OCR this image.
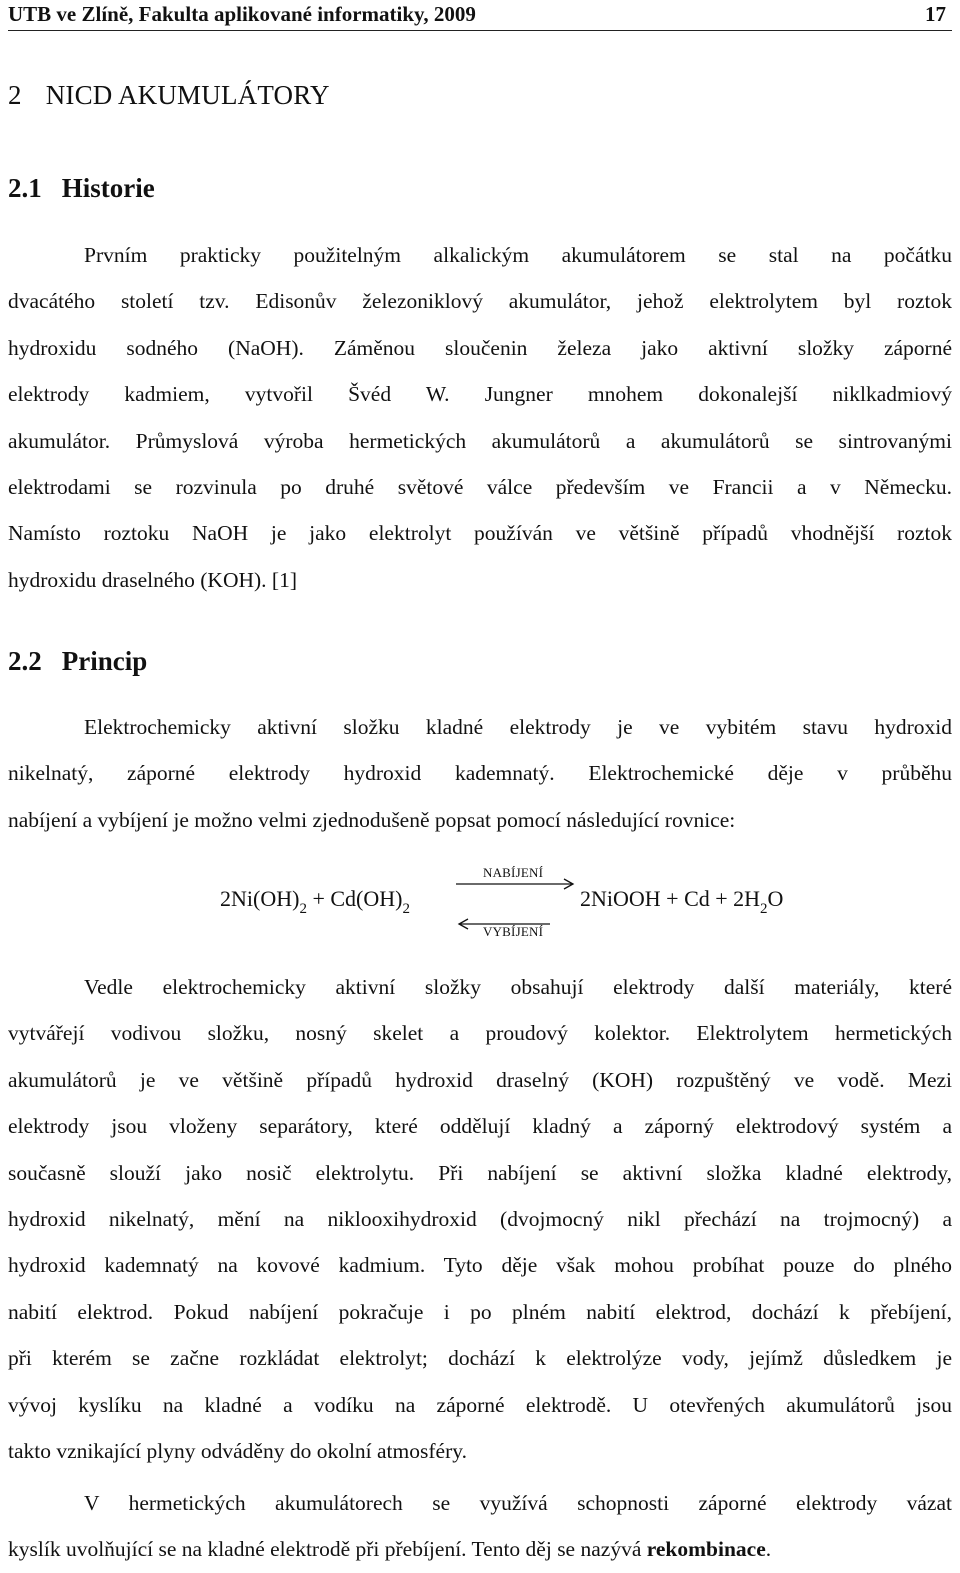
UTB ve Zlíně, Fakulta aplikované informatiky, 2009	17
2 NICD AKUMULÁTORY
2.1 Historie
Prvním prakticky použitelným alkalickým akumulátorem se stal na počátku
dvacátého století tzv. Edisonův železoniklový akumulátor, jehož elektrolytem byl roztok
hydroxidu sodného (NaOH). Záměnou sloučenin železa jako aktivní složky záporné
elektrody kadmiem, vytvořil Švéd W. Jungner mnohem dokonalejší niklkadmiový
akumulátor. Průmyslová výroba hermetických akumulátorů a akumulátorů se sintrovanými
elektrodami se rozvinula po druhé světové válce především ve Francii a v Německu.
Namísto roztoku NaOH je jako elektrolyt používán ve většině případů vhodnější roztok
hydroxidu draselného (KOH). [1]
2.2 Princip
Elektrochemicky aktivní složku kladné elektrody je ve vybitém stavu hydroxid
nikelnatý, záporné elektrody hydroxid kademnatý. Elektrochemické děje v průběhu
nabíjení a vybíjení je možno velmi zjednodušeně popsat pomocí následující rovnice:
$2Ni(OH)_2 + Cd(OH)_2$
NABÍJENÍ
VYBÍJENÍ
2NiOOH + $Cd + 2H_2O$
Vedle elektrochemicky aktivní složky obsahují elektrody další materiály, které
vytvářejí vodivou složku, nosný skelet a proudový kolektor. Elektrolytem hermetických
akumulátorů je ve většině případů hydroxid draselný (KOH) rozpuštěný ve vodě. Mezi
elektrody jsou vloženy separátory, které oddělují kladný a záporný elektrodový systém a
současně slouží jako nosič elektrolytu. Při nabíjení se aktivní složka kladné elektrody,
hydroxid nikelnatý, mění na niklooxihydroxid (dvojmocný nikl přechází na trojmocný) a
hydroxid kademnatý na kovové kadmium. Tyto děje však mohou probíhat pouze do plného
nabití elektrod. Pokud nabíjení pokračuje i po plném nabití elektrod, dochází k přebíjení,
při kterém se začne rozkládat elektrolyt; dochází k elektrolýze vody, jejímž důsledkem je
vývoj kyslíku na kladné a vodíku na záporné elektrodě. U otevřených akumulátorů jsou
takto vznikající plyny odváděny do okolní atmosféry.
V hermetických akumulátorech se využívá schopnosti záporné elektrody vázat
kyslík uvolňující se na kladné elektrodě při přebíjení. Tento děj se nazývá rekombinace.
